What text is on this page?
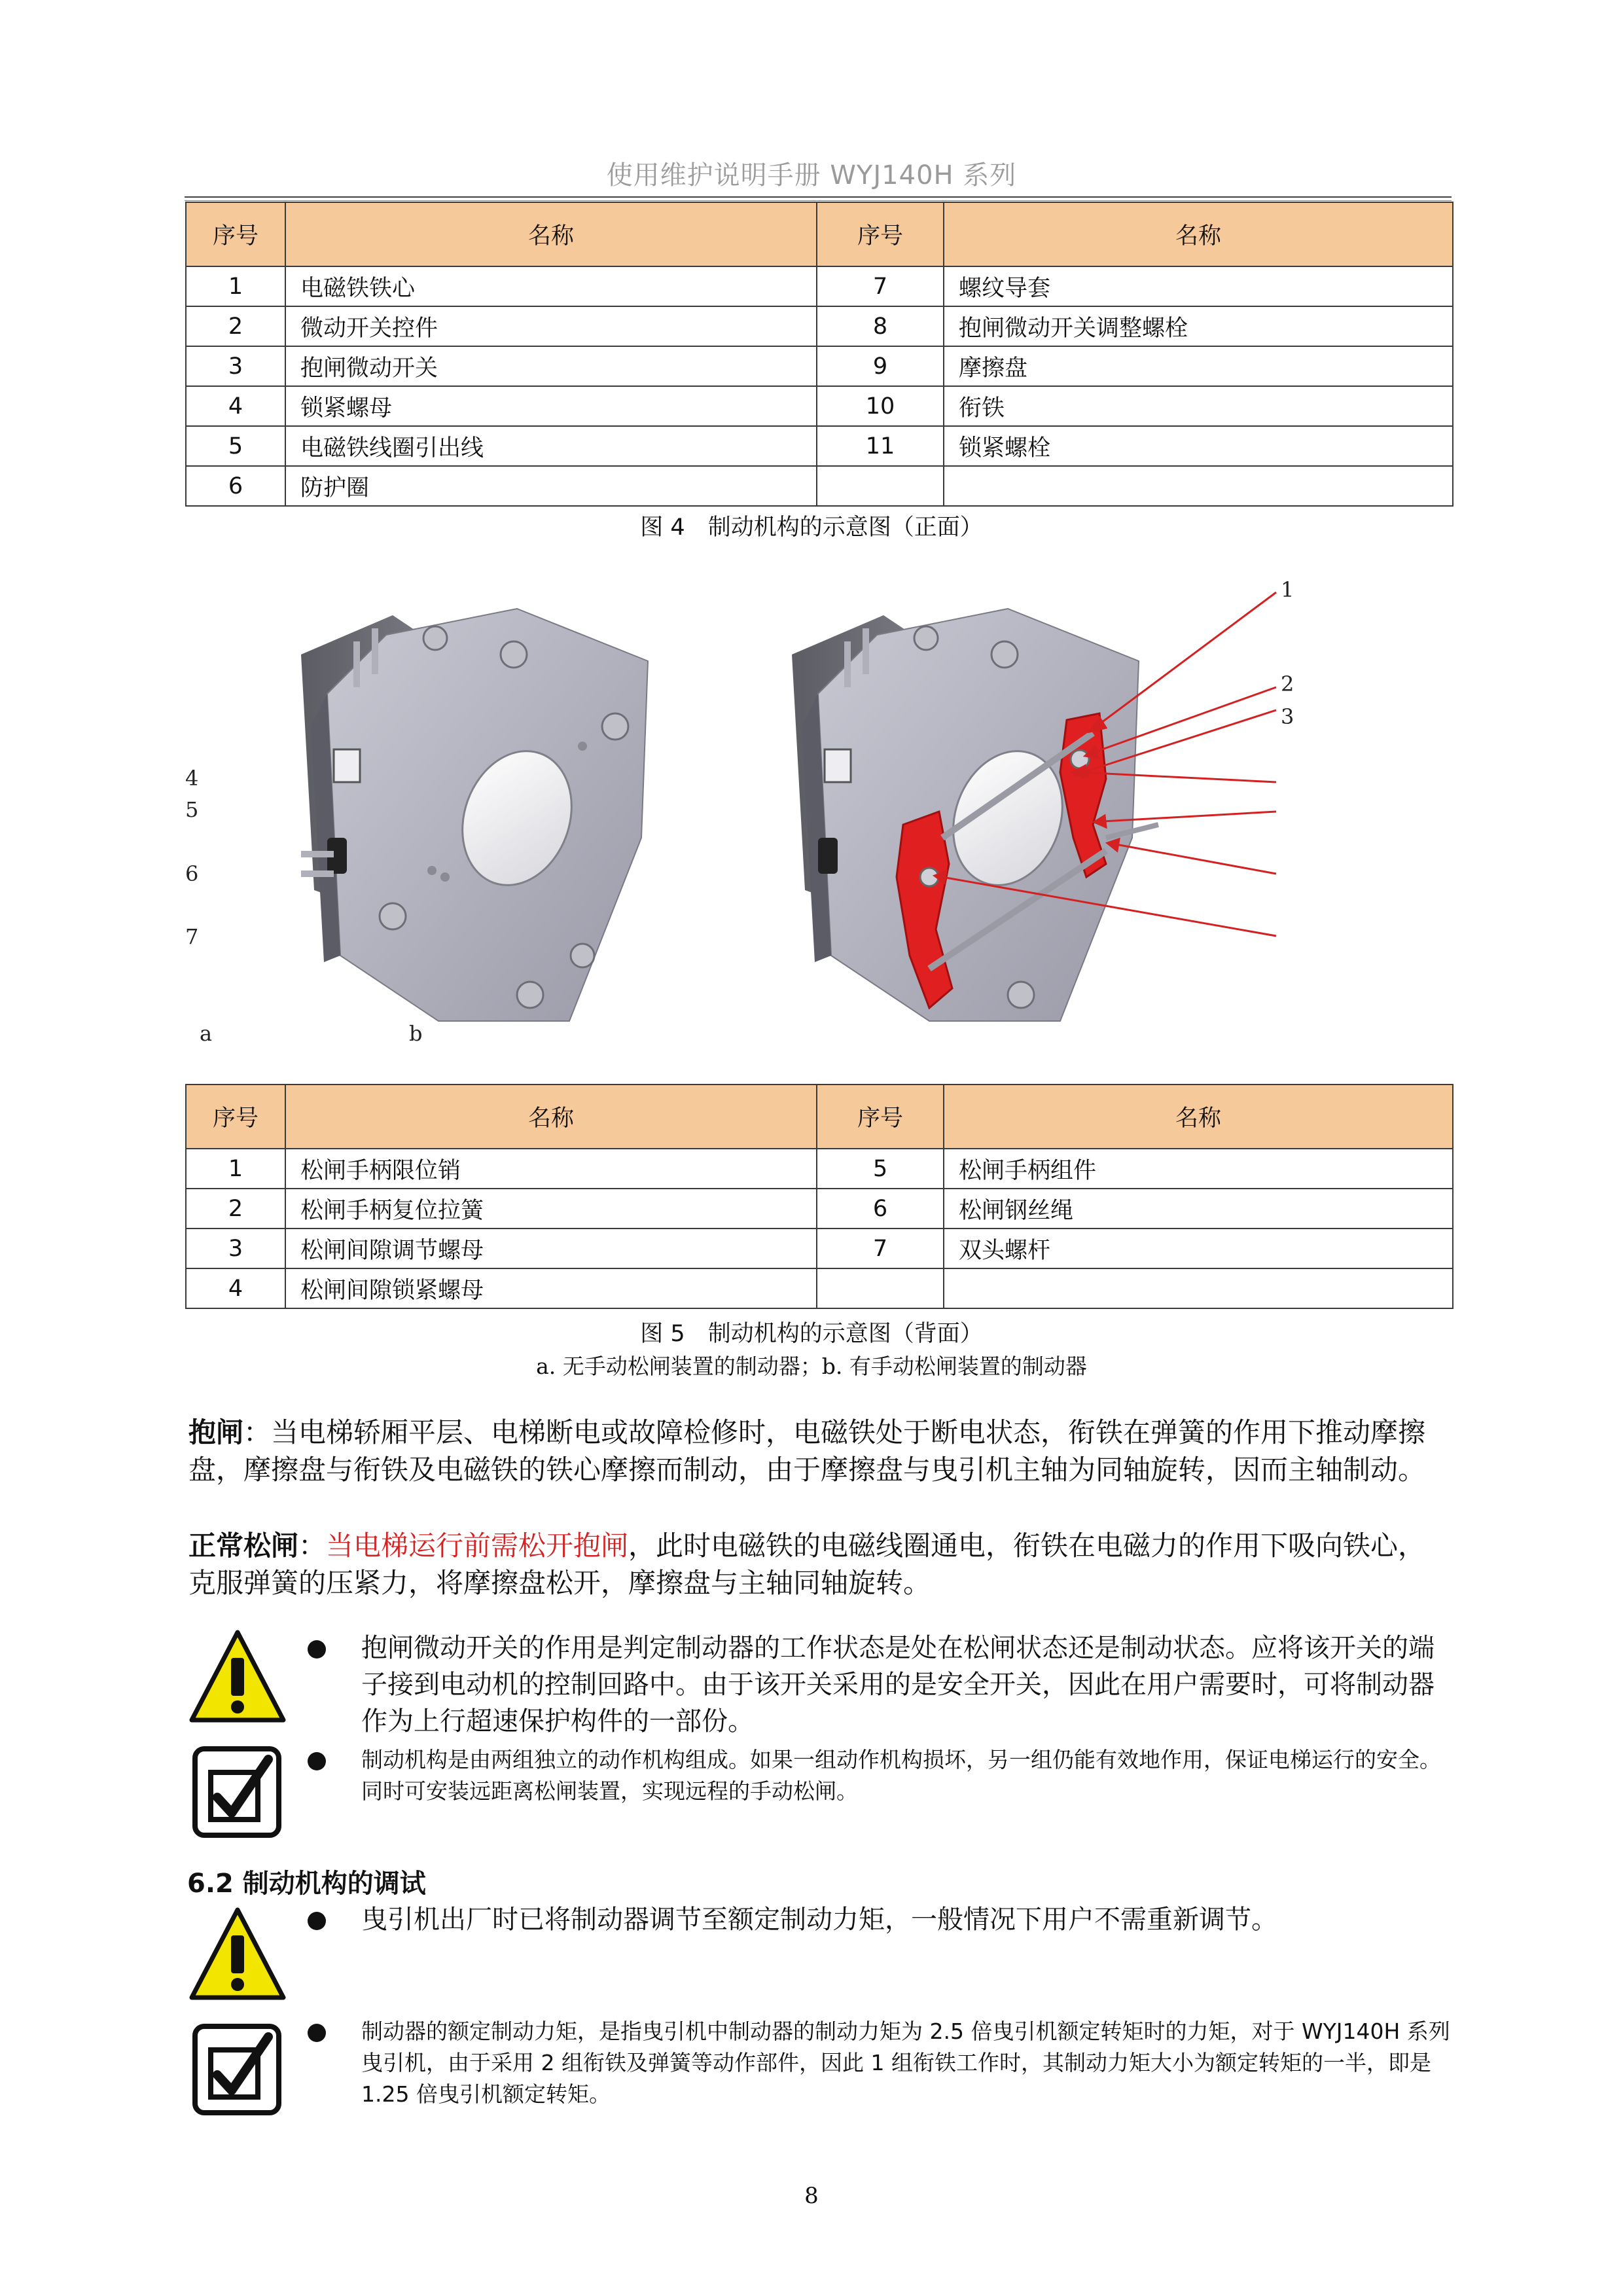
使用维护说明手册 WYJ140H 系列
序号	名称	序号	名称
1	电磁铁铁心	7	螺纹导套
2	微动开关控件	8	抱闸微动开关调整螺栓
3	抱闸微动开关	9	摩擦盘
4	锁紧螺母	10	衔铁
5	电磁铁线圈引出线	11	锁紧螺栓
6	防护圈		
图 4　制动机构的示意图（正面）
4
5
6
7
1
2
3
a	b
序号	名称	序号	名称
1	松闸手柄限位销	5	松闸手柄组件
2	松闸手柄复位拉簧	6	松闸钢丝绳
3	松闸间隙调节螺母	7	双头螺杆
4	松闸间隙锁紧螺母		
图 5　制动机构的示意图（背面）
a. 无手动松闸装置的制动器；b. 有手动松闸装置的制动器
抱闸：当电梯轿厢平层、电梯断电或故障检修时，电磁铁处于断电状态，衔铁在弹簧的作用下推动摩擦盘，摩擦盘与衔铁及电磁铁的铁心摩擦而制动，由于摩擦盘与曳引机主轴为同轴旋转，因而主轴制动。
正常松闸：当电梯运行前需松开抱闸，此时电磁铁的电磁线圈通电，衔铁在电磁力的作用下吸向铁心，克服弹簧的压紧力，将摩擦盘松开，摩擦盘与主轴同轴旋转。
抱闸微动开关的作用是判定制动器的工作状态是处在松闸状态还是制动状态。应将该开关的端子接到电动机的控制回路中。由于该开关采用的是安全开关，因此在用户需要时，可将制动器作为上行超速保护构件的一部份。
制动机构是由两组独立的动作机构组成。如果一组动作机构损坏，另一组仍能有效地作用，保证电梯运行的安全。同时可安装远距离松闸装置，实现远程的手动松闸。
6.2 制动机构的调试
曳引机出厂时已将制动器调节至额定制动力矩，一般情况下用户不需重新调节。
制动器的额定制动力矩，是指曳引机中制动器的制动力矩为 2.5 倍曳引机额定转矩时的力矩，对于 WYJ140H 系列曳引机，由于采用 2 组衔铁及弹簧等动作部件，因此 1 组衔铁工作时，其制动力矩大小为额定转矩的一半，即是 1.25 倍曳引机额定转矩。
8
